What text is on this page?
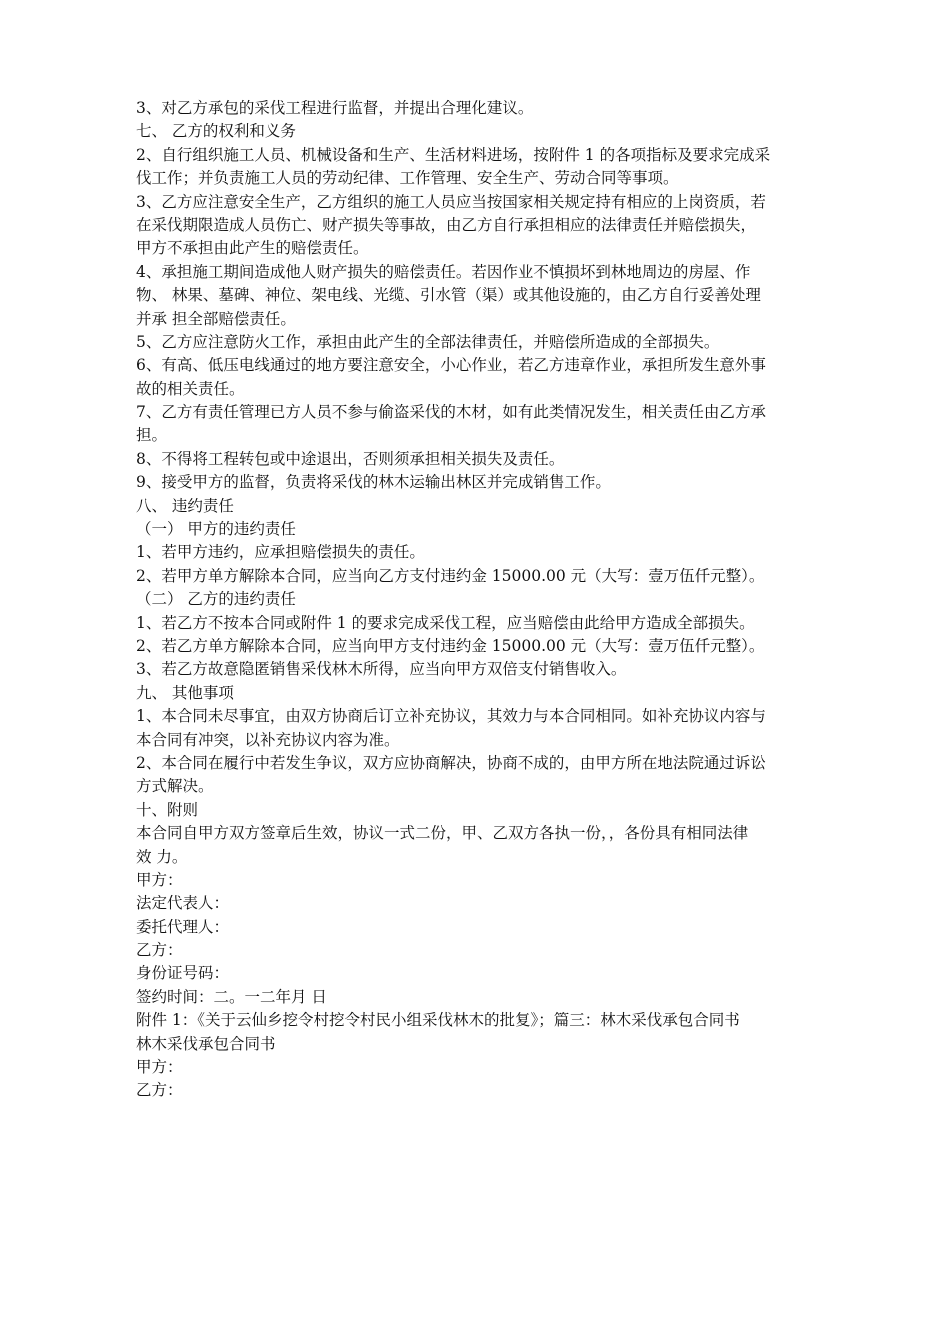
3、对乙方承包的采伐工程进行监督，并提出合理化建议。
七、 乙方的权利和义务
2、自行组织施工人员、机械设备和生产、生活材料进场，按附件 1 的各项指标及要求完成采
伐工作；并负责施工人员的劳动纪律、工作管理、安全生产、劳动合同等事项。
3、乙方应注意安全生产，乙方组织的施工人员应当按国家相关规定持有相应的上岗资质，若
在采伐期限造成人员伤亡、财产损失等事故，由乙方自行承担相应的法律责任并赔偿损失，
甲方不承担由此产生的赔偿责任。
4、承担施工期间造成他人财产损失的赔偿责任。若因作业不慎损坏到林地周边的房屋、作
物、 林果、墓碑、神位、架电线、光缆、引水管（渠）或其他设施的，由乙方自行妥善处理
并承 担全部赔偿责任。
5、乙方应注意防火工作，承担由此产生的全部法律责任，并赔偿所造成的全部损失。
6、有高、低压电线通过的地方要注意安全，小心作业，若乙方违章作业，承担所发生意外事
故的相关责任。
7、乙方有责任管理已方人员不参与偷盗采伐的木材，如有此类情况发生，相关责任由乙方承
担。
8、不得将工程转包或中途退出，否则须承担相关损失及责任。
9、接受甲方的监督，负责将采伐的林木运输出林区并完成销售工作。
八、 违约责任
（一） 甲方的违约责任
1、若甲方违约，应承担赔偿损失的责任。
2、若甲方单方解除本合同，应当向乙方支付违约金 15000.00 元（大写：壹万伍仟元整）。
（二） 乙方的违约责任
1、若乙方不按本合同或附件 1 的要求完成采伐工程，应当赔偿由此给甲方造成全部损失。
2、若乙方单方解除本合同，应当向甲方支付违约金 15000.00 元（大写：壹万伍仟元整）。
3、若乙方故意隐匿销售采伐林木所得，应当向甲方双倍支付销售收入。
九、 其他事项
1、本合同未尽事宜，由双方协商后订立补充协议，其效力与本合同相同。如补充协议内容与
本合同有冲突，以补充协议内容为准。
2、本合同在履行中若发生争议，双方应协商解决，协商不成的，由甲方所在地法院通过诉讼
方式解决。
十、附则
本合同自甲方双方签章后生效，协议一式二份，甲、乙双方各执一份，，各份具有相同法律
效 力。
甲方：
法定代表人：
委托代理人：
乙方：
身份证号码：
签约时间：二。一二年月 日
附件 1：《关于云仙乡挖令村挖令村民小组采伐林木的批复》；篇三：林木采伐承包合同书
林木采伐承包合同书
甲方：
乙方：
